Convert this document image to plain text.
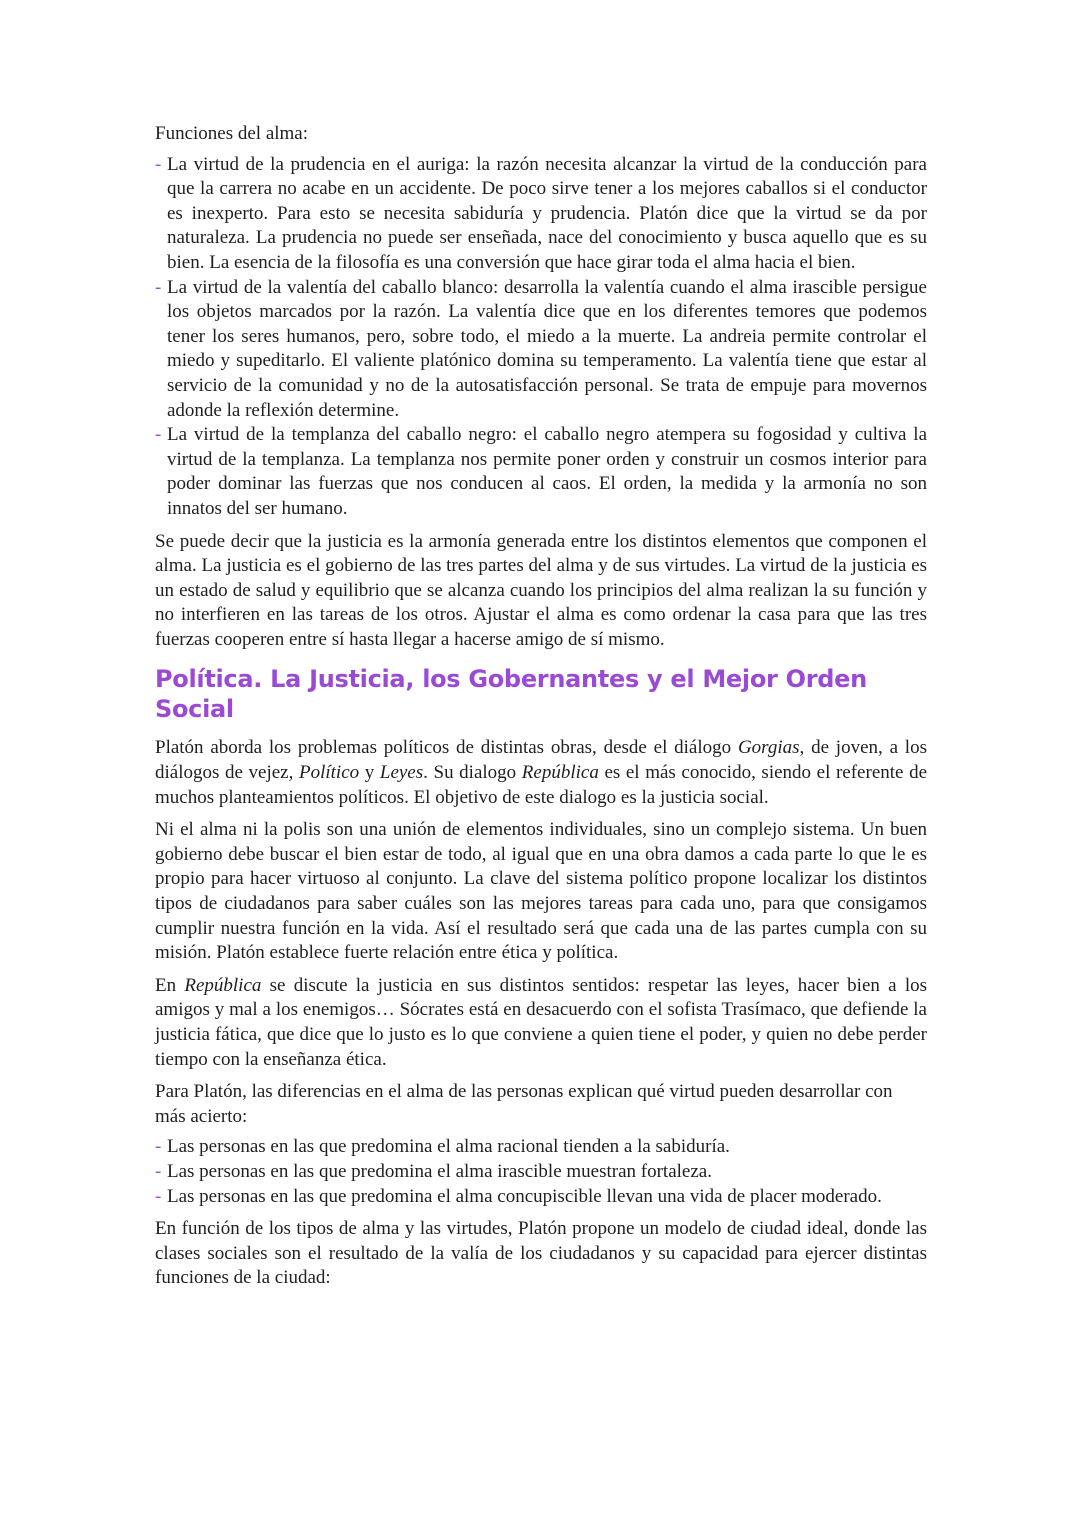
Funciones del alma:

- La virtud de la prudencia en el auriga: la razón necesita alcanzar la virtud de la conducción para que la carrera no acabe en un accidente. De poco sirve tener a los mejores caballos si el conductor es inexperto. Para esto se necesita sabiduría y prudencia. Platón dice que la virtud se da por naturaleza. La prudencia no puede ser enseñada, nace del conocimiento y busca aquello que es su bien. La esencia de la filosofía es una conversión que hace girar toda el alma hacia el bien.
- La virtud de la valentía del caballo blanco: desarrolla la valentía cuando el alma irascible persigue los objetos marcados por la razón. La valentía dice que en los diferentes temores que podemos tener los seres humanos, pero, sobre todo, el miedo a la muerte. La andreia permite controlar el miedo y supeditarlo. El valiente platónico domina su temperamento. La valentía tiene que estar al servicio de la comunidad y no de la autosatisfacción personal. Se trata de empuje para movernos adonde la reflexión determine.
- La virtud de la templanza del caballo negro: el caballo negro atempera su fogosidad y cultiva la virtud de la templanza. La templanza nos permite poner orden y construir un cosmos interior para poder dominar las fuerzas que nos conducen al caos. El orden, la medida y la armonía no son innatos del ser humano.

Se puede decir que la justicia es la armonía generada entre los distintos elementos que componen el alma. La justicia es el gobierno de las tres partes del alma y de sus virtudes. La virtud de la justicia es un estado de salud y equilibrio que se alcanza cuando los principios del alma realizan la su función y no interfieren en las tareas de los otros. Ajustar el alma es como ordenar la casa para que las tres fuerzas cooperen entre sí hasta llegar a hacerse amigo de sí mismo.

Política. La Justicia, los Gobernantes y el Mejor Orden Social

Platón aborda los problemas políticos de distintas obras, desde el diálogo Gorgias, de joven, a los diálogos de vejez, Político y Leyes. Su dialogo República es el más conocido, siendo el referente de muchos planteamientos políticos. El objetivo de este dialogo es la justicia social.

Ni el alma ni la polis son una unión de elementos individuales, sino un complejo sistema. Un buen gobierno debe buscar el bien estar de todo, al igual que en una obra damos a cada parte lo que le es propio para hacer virtuoso al conjunto. La clave del sistema político propone localizar los distintos tipos de ciudadanos para saber cuáles son las mejores tareas para cada uno, para que consigamos cumplir nuestra función en la vida. Así el resultado será que cada una de las partes cumpla con su misión. Platón establece fuerte relación entre ética y política.

En República se discute la justicia en sus distintos sentidos: respetar las leyes, hacer bien a los amigos y mal a los enemigos… Sócrates está en desacuerdo con el sofista Trasímaco, que defiende la justicia fática, que dice que lo justo es lo que conviene a quien tiene el poder, y quien no debe perder tiempo con la enseñanza ética.

Para Platón, las diferencias en el alma de las personas explican qué virtud pueden desarrollar con más acierto:

- Las personas en las que predomina el alma racional tienden a la sabiduría.
- Las personas en las que predomina el alma irascible muestran fortaleza.
- Las personas en las que predomina el alma concupiscible llevan una vida de placer moderado.

En función de los tipos de alma y las virtudes, Platón propone un modelo de ciudad ideal, donde las clases sociales son el resultado de la valía de los ciudadanos y su capacidad para ejercer distintas funciones de la ciudad:
